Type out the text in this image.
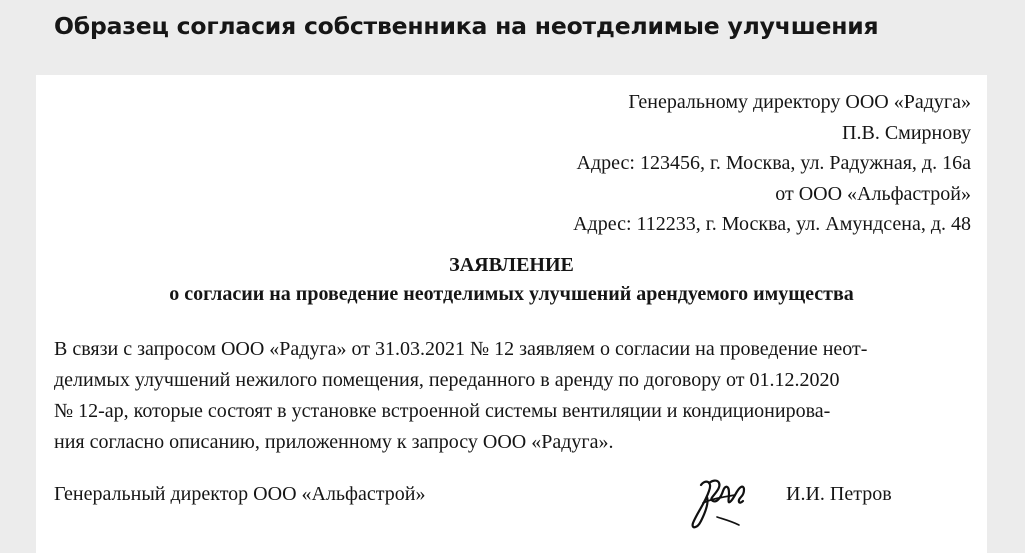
Образец согласия собственника на неотделимые улучшения
Генеральному директору ООО «Радуга»
П.В. Смирнову
Адрес: 123456, г. Москва, ул. Радужная, д. 16а
от ООО «Альфастрой»
Адрес: 112233, г. Москва, ул. Амундсена, д. 48
ЗАЯВЛЕНИЕ
о согласии на проведение неотделимых улучшений арендуемого имущества
В связи с запросом ООО «Радуга» от 31.03.2021 № 12 заявляем о согласии на проведение неот-
делимых улучшений нежилого помещения, переданного в аренду по договору от 01.12.2020
№ 12-ар, которые состоят в установке встроенной системы вентиляции и кондиционирова-
ния согласно описанию, приложенному к запросу ООО «Радуга».
Генеральный директор ООО «Альфастрой»	И.И. Петров
